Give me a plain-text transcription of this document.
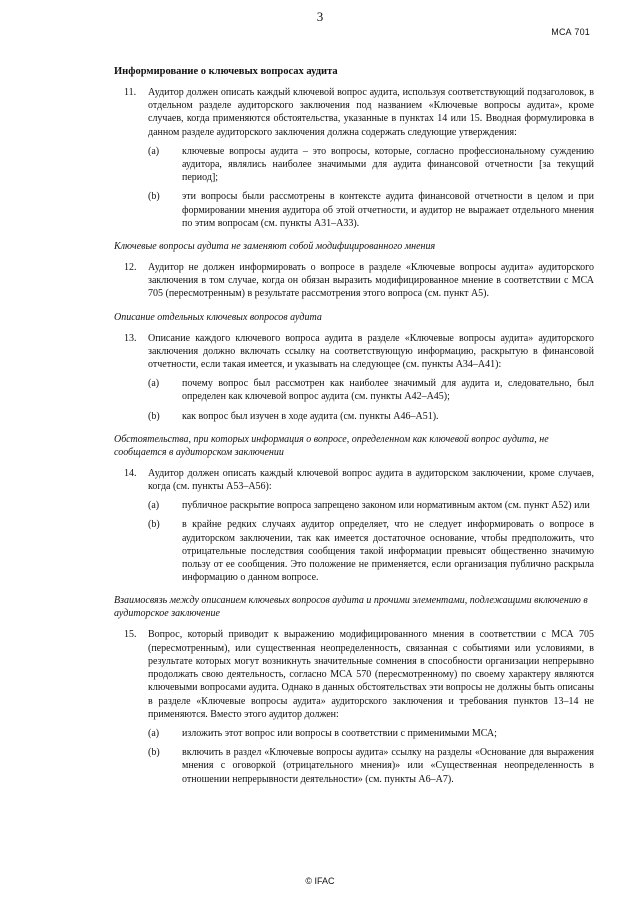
3
МСА 701
Информирование о ключевых вопросах аудита
11.	Аудитор должен описать каждый ключевой вопрос аудита, используя соответствующий подзаголовок, в отдельном разделе аудиторского заключения под названием «Ключевые вопросы аудита», кроме случаев, когда применяются обстоятельства, указанные в пунктах 14 или 15. Вводная формулировка в данном разделе аудиторского заключения должна содержать следующие утверждения:
(a)	ключевые вопросы аудита – это вопросы, которые, согласно профессиональному суждению аудитора, являлись наиболее значимыми для аудита финансовой отчетности [за текущий период];
(b)	эти вопросы были рассмотрены в контексте аудита финансовой отчетности в целом и при формировании мнения аудитора об этой отчетности, и аудитор не выражает отдельного мнения по этим вопросам (см. пункты А31–А33).
Ключевые вопросы аудита не заменяют собой модифицированного мнения
12.	Аудитор не должен информировать о вопросе в разделе «Ключевые вопросы аудита» аудиторского заключения в том случае, когда он обязан выразить модифицированное мнение в соответствии с МСА 705 (пересмотренным) в результате рассмотрения этого вопроса (см. пункт А5).
Описание отдельных ключевых вопросов аудита
13.	Описание каждого ключевого вопроса аудита в разделе «Ключевые вопросы аудита» аудиторского заключения должно включать ссылку на соответствующую информацию, раскрытую в финансовой отчетности, если такая имеется, и указывать на следующее (см. пункты А34–А41):
(a)	почему вопрос был рассмотрен как наиболее значимый для аудита и, следовательно, был определен как ключевой вопрос аудита (см. пункты А42–А45);
(b)	как вопрос был изучен в ходе аудита (см. пункты А46–А51).
Обстоятельства, при которых информация о вопросе, определенном как ключевой вопрос аудита, не сообщается в аудиторском заключении
14.	Аудитор должен описать каждый ключевой вопрос аудита в аудиторском заключении, кроме случаев, когда (см. пункты А53–А56):
(a)	публичное раскрытие вопроса запрещено законом или нормативным актом (см. пункт А52) или
(b)	в крайне редких случаях аудитор определяет, что не следует информировать о вопросе в аудиторском заключении, так как имеется достаточное основание, чтобы предположить, что отрицательные последствия сообщения такой информации превысят общественно значимую пользу от ее сообщения. Это положение не применяется, если организация публично раскрыла информацию о данном вопросе.
Взаимосвязь между описанием ключевых вопросов аудита и прочими элементами, подлежащими включению в аудиторское заключение
15.	Вопрос, который приводит к выражению модифицированного мнения в соответствии с МСА 705 (пересмотренным), или существенная неопределенность, связанная с событиями или условиями, в результате которых могут возникнуть значительные сомнения в способности организации непрерывно продолжать свою деятельность, согласно МСА 570 (пересмотренному) по своему характеру являются ключевыми вопросами аудита. Однако в данных обстоятельствах эти вопросы не должны быть описаны в разделе «Ключевые вопросы аудита» аудиторского заключения и требования пунктов 13–14 не применяются. Вместо этого аудитор должен:
(a)	изложить этот вопрос или вопросы в соответствии с применимыми МСА;
(b)	включить в раздел «Ключевые вопросы аудита» ссылку на разделы «Основание для выражения мнения с оговоркой (отрицательного мнения)» или «Существенная неопределенность в отношении непрерывности деятельности» (см. пункты А6–А7).
© IFAC
